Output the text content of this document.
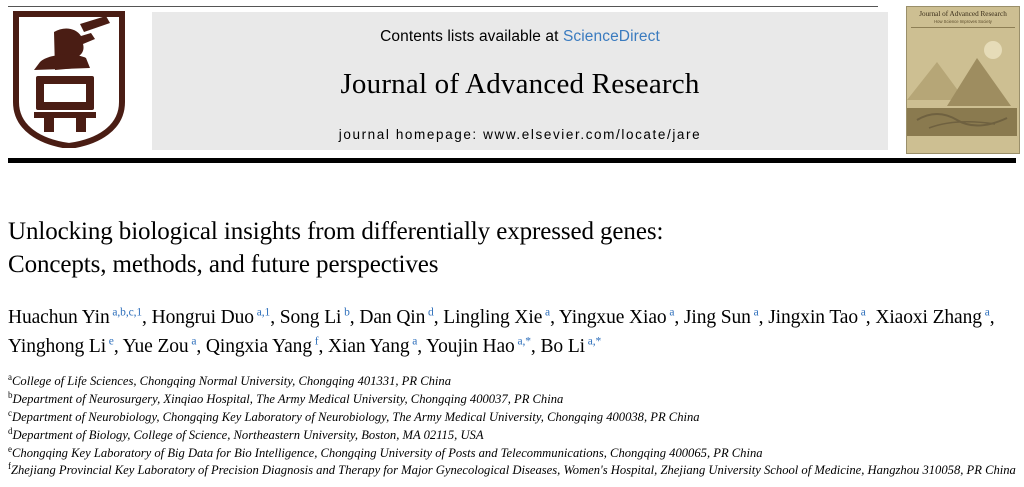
Contents lists available at ScienceDirect
Journal of Advanced Research
journal homepage: www.elsevier.com/locate/jare
Journal of Advanced Research
How Science Improves Society
Unlocking biological insights from differentially expressed genes:
Concepts, methods, and future perspectives
Huachun Yin $^{a,b,c,1}$, Hongrui Duo $^{a,1}$, Song Li $^b$, Dan Qin $^d$, Lingling Xie $^a$, Yingxue Xiao $^a$, Jing Sun $^a$, Jingxin Tao $^a$, Xiaoxi Zhang $^a$, Yinghong Li $^e$, Yue Zou $^a$, Qingxia Yang $^f$, Xian Yang $^a$, Youjin Hao $^{a,*}$, Bo Li $^{a,*}$
$^a$College of Life Sciences, Chongqing Normal University, Chongqing 401331, PR China
$^b$Department of Neurosurgery, Xinqiao Hospital, The Army Medical University, Chongqing 400037, PR China
$^c$Department of Neurobiology, Chongqing Key Laboratory of Neurobiology, The Army Medical University, Chongqing 400038, PR China
$^d$Department of Biology, College of Science, Northeastern University, Boston, MA 02115, USA
$^e$Chongqing Key Laboratory of Big Data for Bio Intelligence, Chongqing University of Posts and Telecommunications, Chongqing 400065, PR China
$^f$Zhejiang Provincial Key Laboratory of Precision Diagnosis and Therapy for Major Gynecological Diseases, Women's Hospital, Zhejiang University School of Medicine, Hangzhou 310058, PR China
